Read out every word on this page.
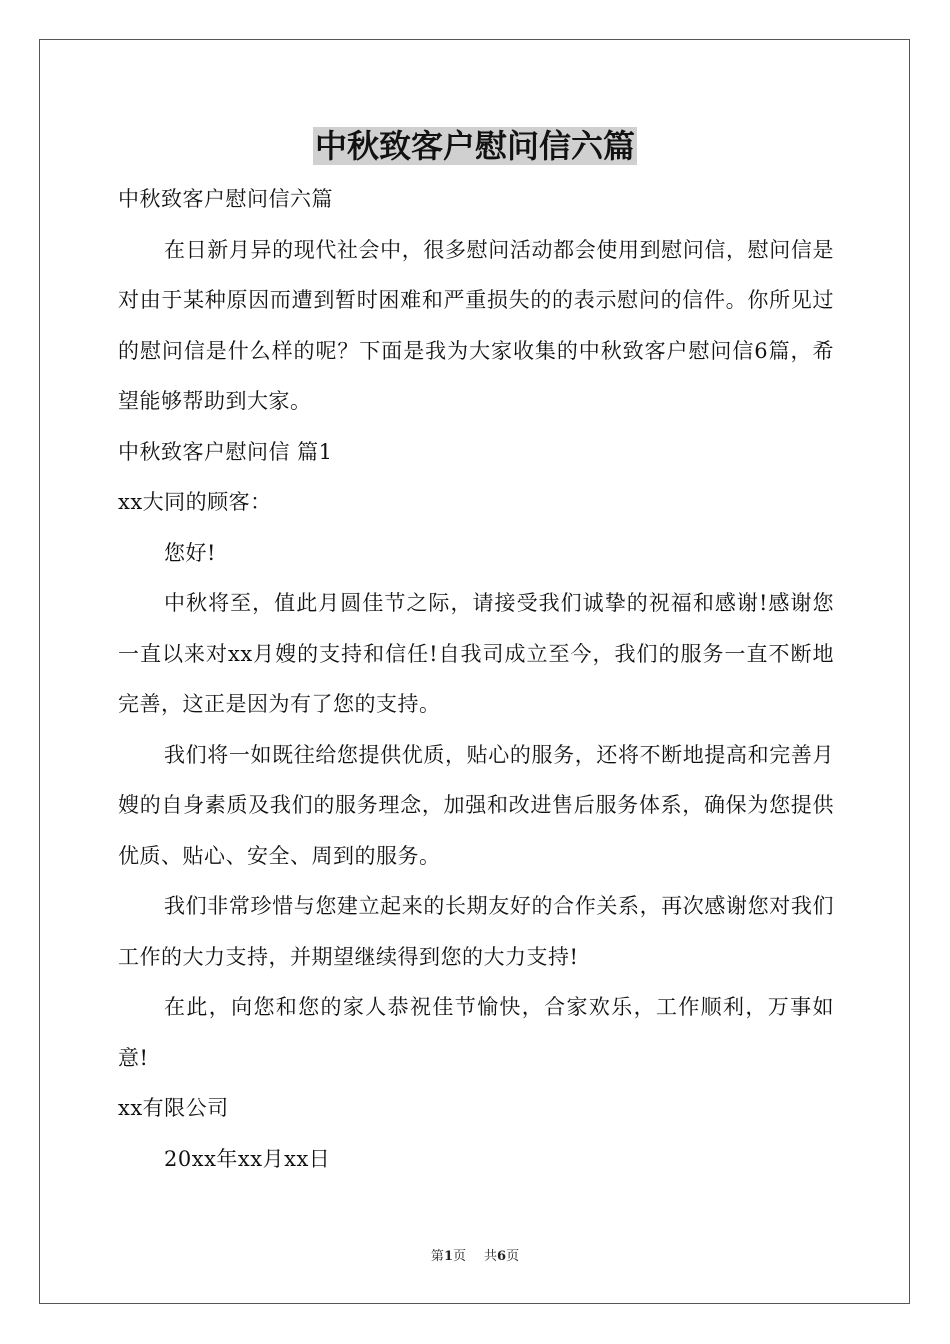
中秋致客户慰问信六篇

中秋致客户慰问信六篇

在日新月异的现代社会中，很多慰问活动都会使用到慰问信，慰问信是对由于某种原因而遭到暂时困难和严重损失的的表示慰问的信件。你所见过的慰问信是什么样的呢？下面是我为大家收集的中秋致客户慰问信6篇，希望能够帮助到大家。

中秋致客户慰问信 篇1

xx大同的顾客：

您好!

中秋将至，值此月圆佳节之际，请接受我们诚挚的祝福和感谢!感谢您一直以来对xx月嫂的支持和信任!自我司成立至今，我们的服务一直不断地完善，这正是因为有了您的支持。

我们将一如既往给您提供优质，贴心的服务，还将不断地提高和完善月嫂的自身素质及我们的服务理念，加强和改进售后服务体系，确保为您提供优质、贴心、安全、周到的服务。

我们非常珍惜与您建立起来的长期友好的合作关系，再次感谢您对我们工作的大力支持，并期望继续得到您的大力支持!

在此，向您和您的家人恭祝佳节愉快，合家欢乐，工作顺利，万事如意!

xx有限公司

20xx年xx月xx日

第1页 共6页
